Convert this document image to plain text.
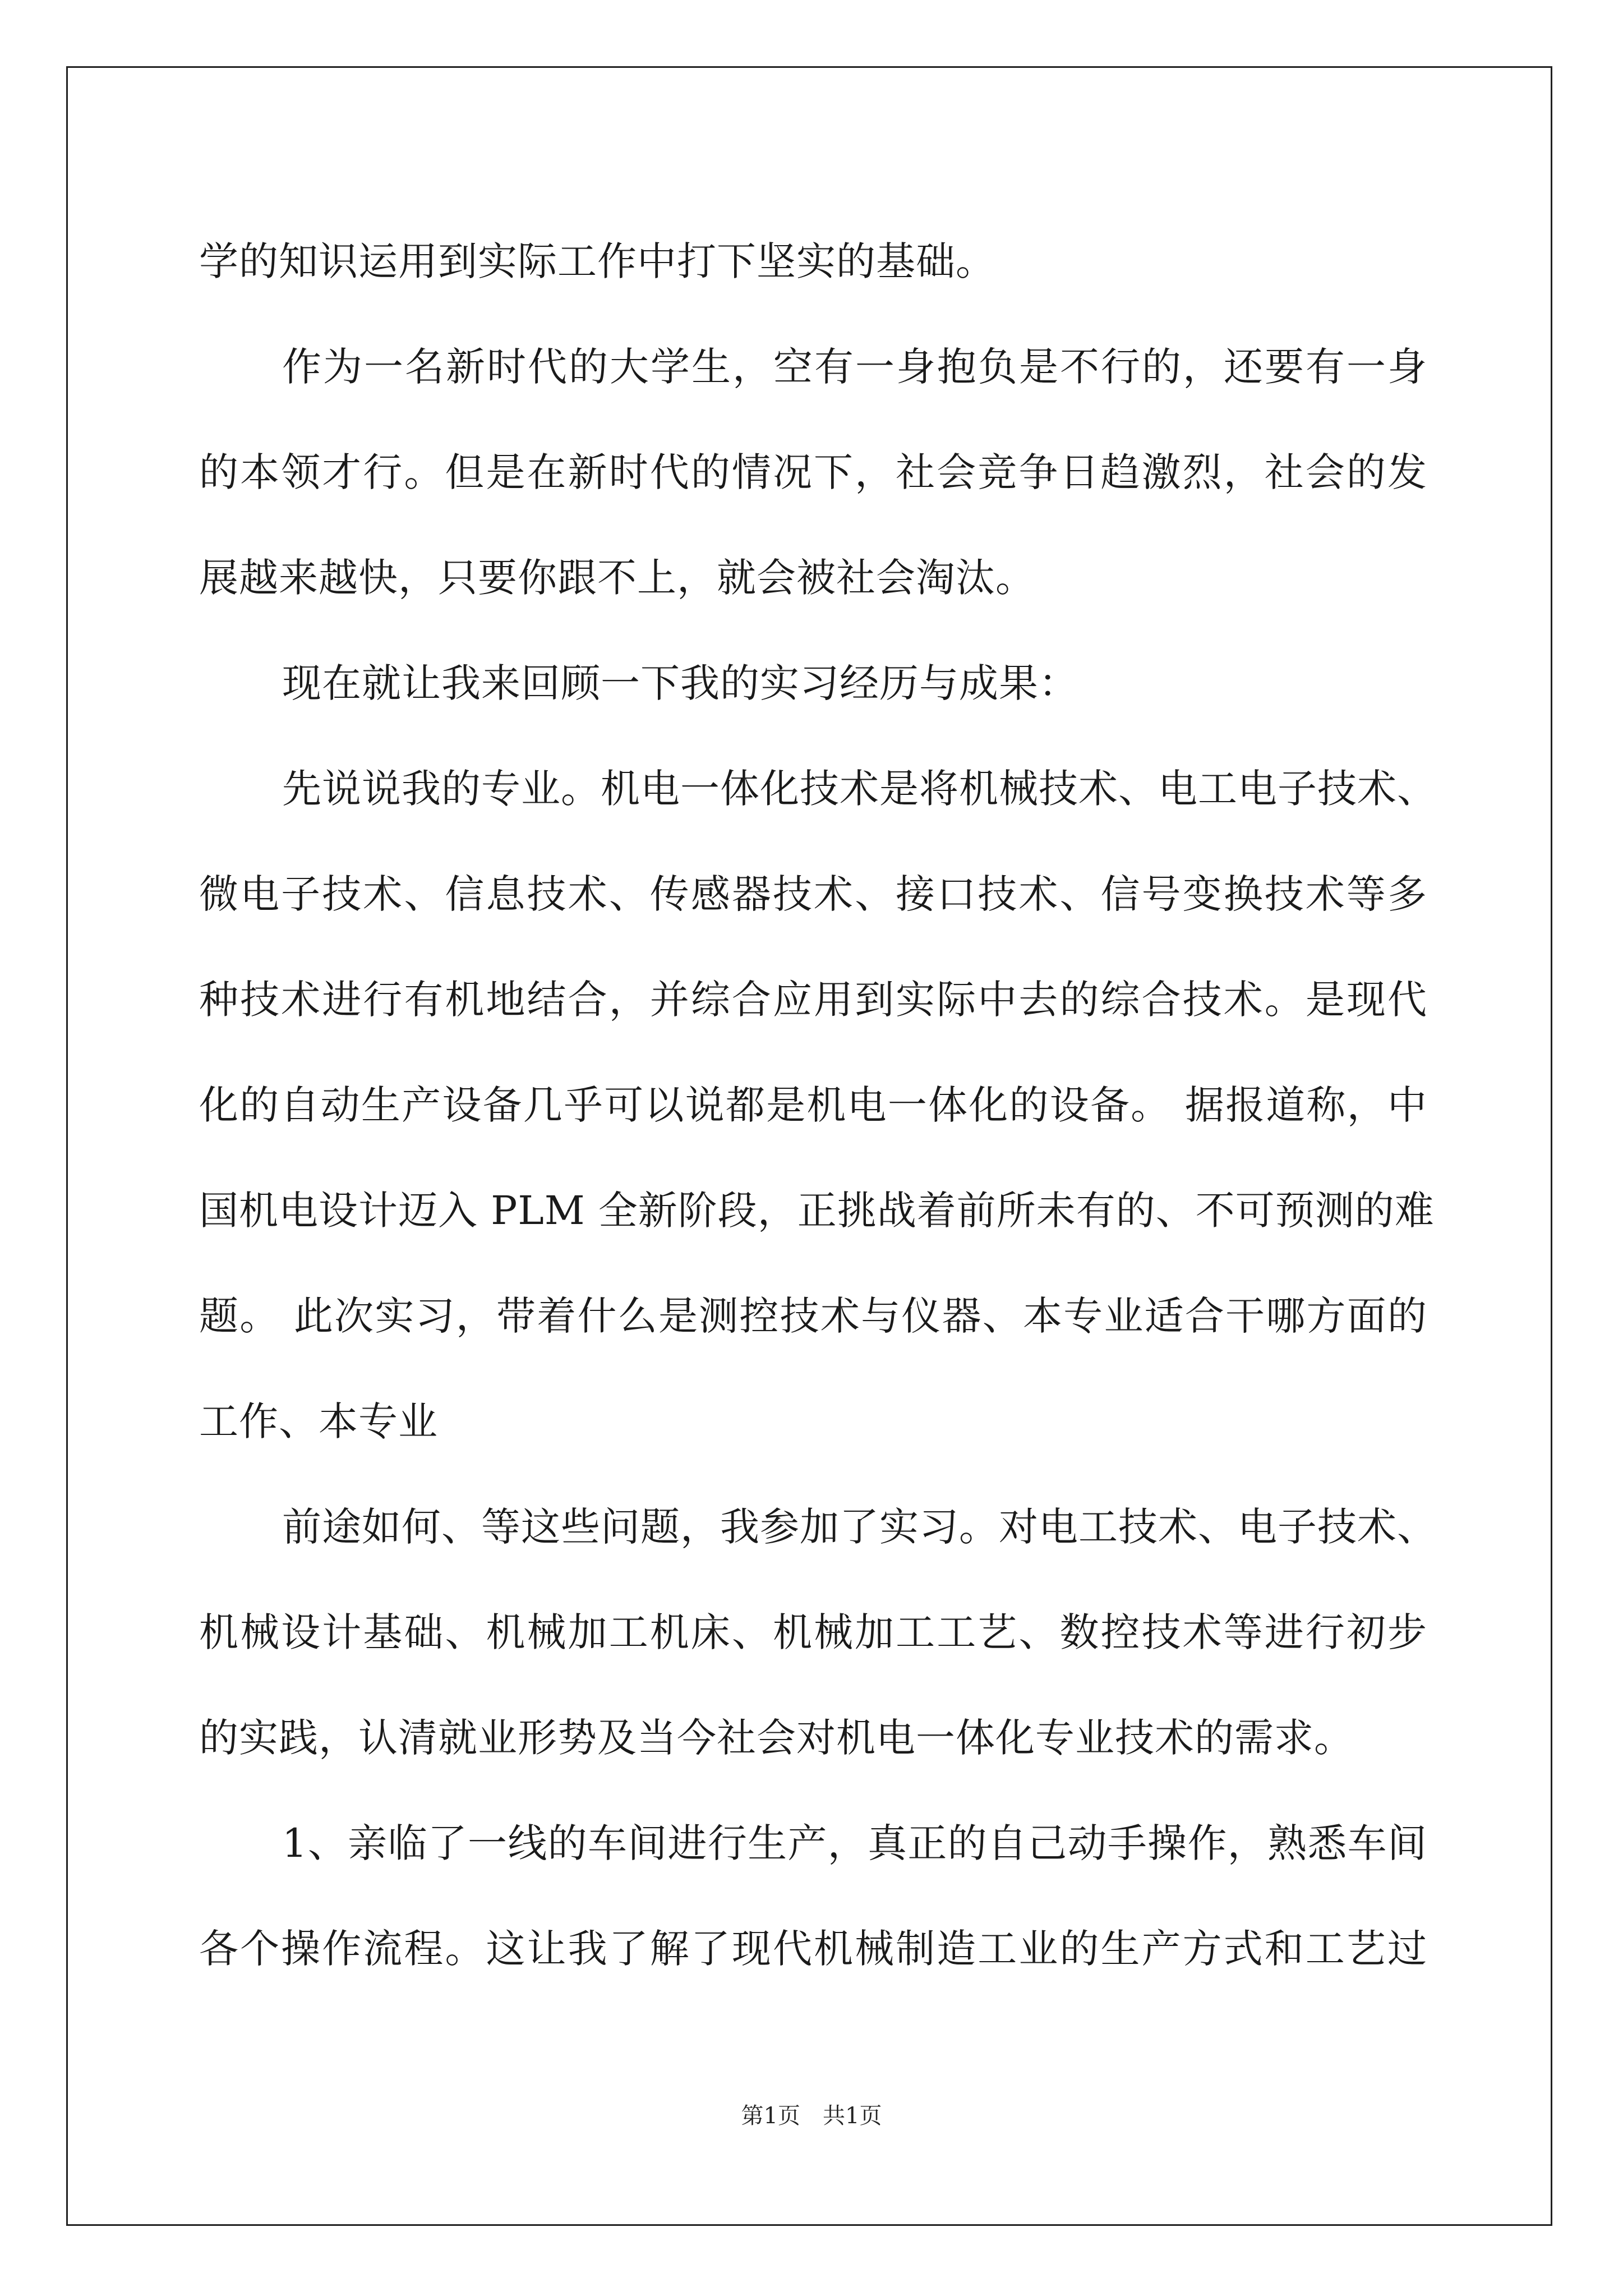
学的知识运用到实际工作中打下坚实的基础。
作为一名新时代的大学生，空有一身抱负是不行的，还要有一身
的本领才行。但是在新时代的情况下，社会竞争日趋激烈，社会的发
展越来越快，只要你跟不上，就会被社会淘汰。
现在就让我来回顾一下我的实习经历与成果：
先说说我的专业。机电一体化技术是将机械技术、电工电子技术、
微电子技术、信息技术、传感器技术、接口技术、信号变换技术等多
种技术进行有机地结合，并综合应用到实际中去的综合技术。是现代
化的自动生产设备几乎可以说都是机电一体化的设备。 据报道称，中
国机电设计迈入 PLM 全新阶段，正挑战着前所未有的、不可预测的难
题。 此次实习，带着什么是测控技术与仪器、本专业适合干哪方面的
工作、本专业
前途如何、等这些问题，我参加了实习。对电工技术、电子技术、
机械设计基础、机械加工机床、机械加工工艺、数控技术等进行初步
的实践，认清就业形势及当今社会对机电一体化专业技术的需求。
1、亲临了一线的车间进行生产，真正的自己动手操作，熟悉车间
各个操作流程。这让我了解了现代机械制造工业的生产方式和工艺过
第1页 共1页
